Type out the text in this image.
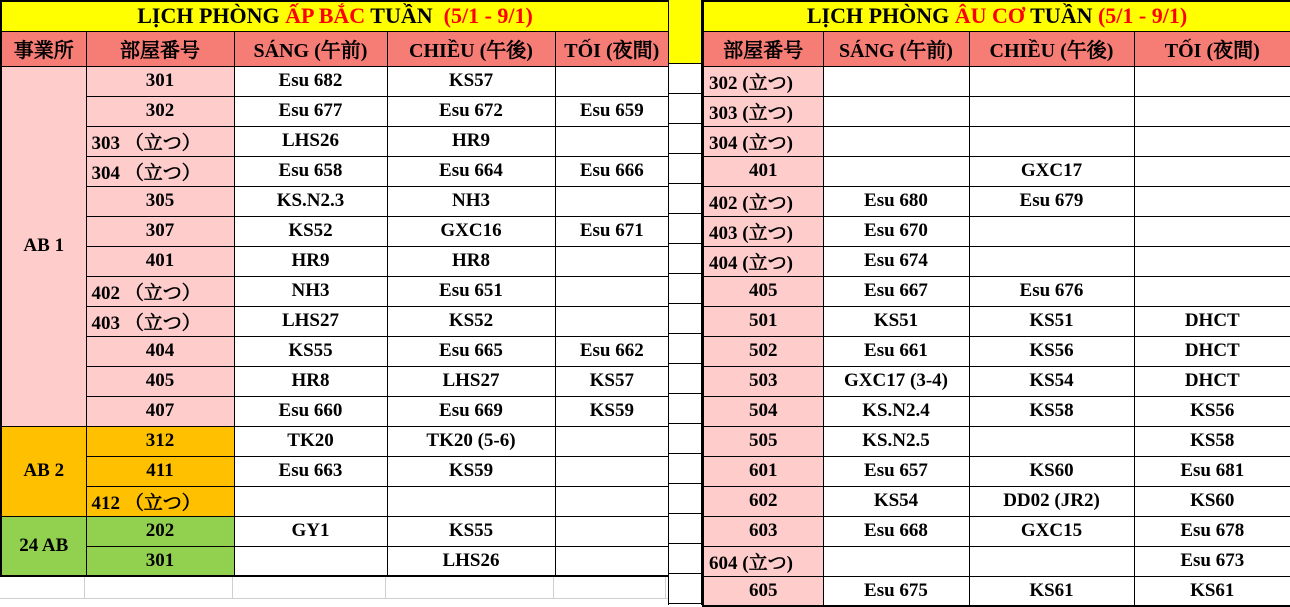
LỊCH PHÒNG ẤP BẮC TUẦN  (5/1 - 9/1)				
事業所	部屋番号	SÁNG (午前)	CHIỀU (午後)	TỐI (夜間)
AB 1	301	Esu 682	KS57	
	302	Esu 677	Esu 672	Esu 659
	303 （立つ）	LHS26	HR9	
	304 （立つ）	Esu 658	Esu 664	Esu 666
	305	KS.N2.3	NH3	
	307	KS52	GXC16	Esu 671
	401	HR9	HR8	
	402 （立つ）	NH3	Esu 651	
	403 （立つ）	LHS27	KS52	
	404	KS55	Esu 665	Esu 662
	405	HR8	LHS27	KS57
	407	Esu 660	Esu 669	KS59
AB 2	312	TK20	TK20 (5-6)	
	411	Esu 663	KS59	
	412 （立つ）			
24 AB	202	GY1	KS55	
	301		LHS26	
LỊCH PHÒNG ÂU CƠ TUẦN (5/1 - 9/1)			
部屋番号	SÁNG (午前)	CHIỀU (午後)	TỐI (夜間)
302 (立つ)			
303 (立つ)			
304 (立つ)			
401		GXC17	
402 (立つ)	Esu 680	Esu 679	
403 (立つ)	Esu 670		
404 (立つ)	Esu 674		
405	Esu 667	Esu 676	
501	KS51	KS51	DHCT
502	Esu 661	KS56	DHCT
503	GXC17 (3-4)	KS54	DHCT
504	KS.N2.4	KS58	KS56
505	KS.N2.5		KS58
601	Esu 657	KS60	Esu 681
602	KS54	DD02 (JR2)	KS60
603	Esu 668	GXC15	Esu 678
604 (立つ)			Esu 673
605	Esu 675	KS61	KS61
